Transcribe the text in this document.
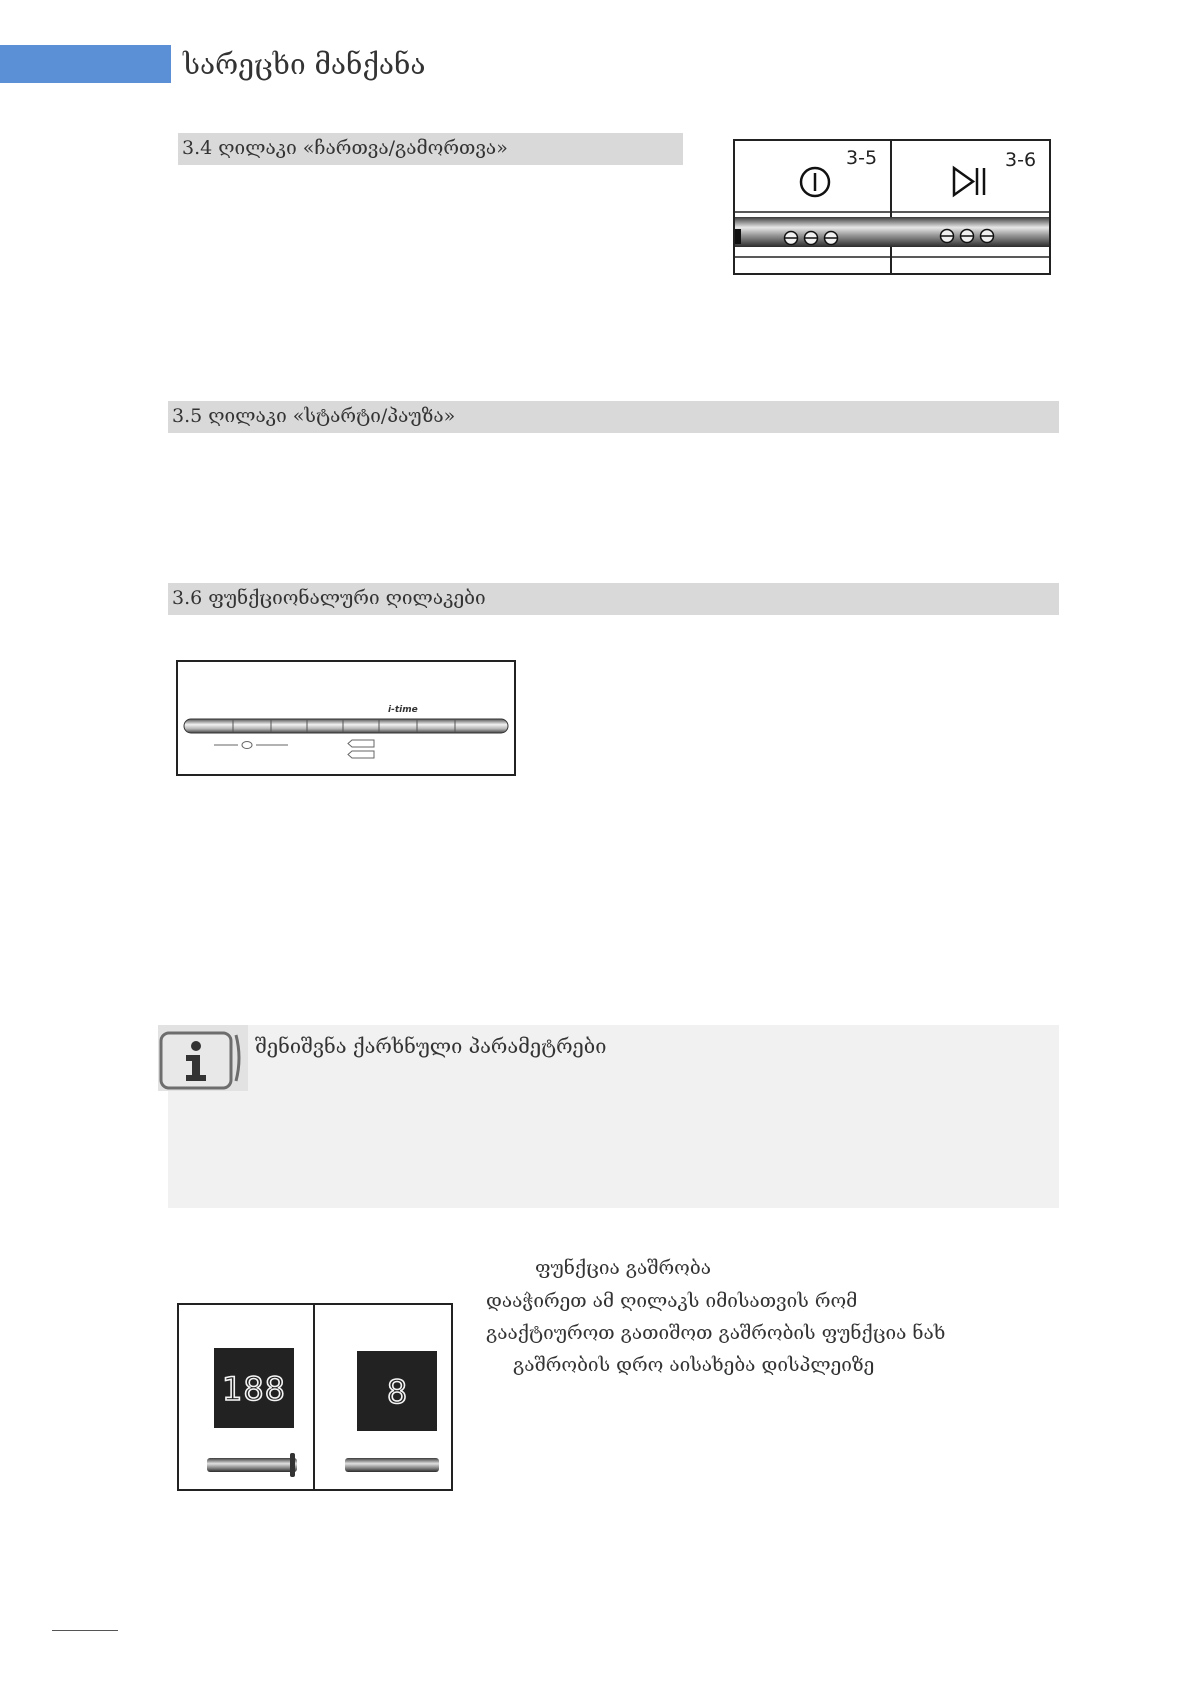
სარეცხი მანქანა
3.4 ღილაკი «ჩართვა/გამორთვა»	3-5	3-6
3.5 ღილაკი «სტარტი/პაუზა»
3.6 ფუნქციონალური ღილაკები
i-time
შენიშვნა ქარხნული პარამეტრები
ფუნქცია გაშრობა
დააჭირეთ ამ ღილაკს იმისათვის რომ
გააქტიუროთ გათიშოთ გაშრობის ფუნქცია ნახ
გაშრობის დრო აისახება დისპლეიზე
188	8
